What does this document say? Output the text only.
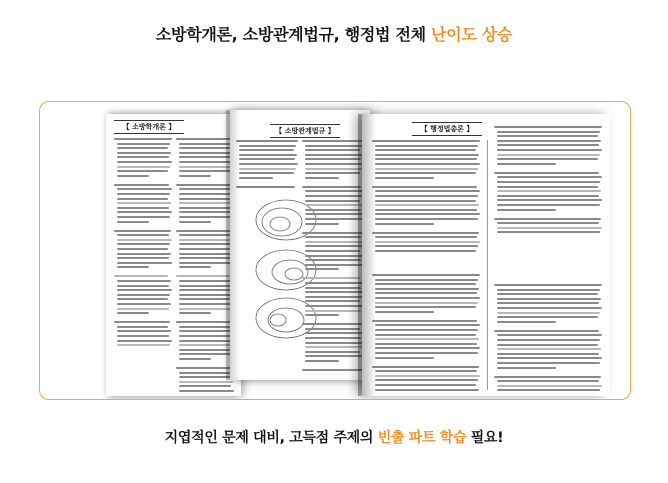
소방학개론, 소방관계법규, 행정법 전체 난이도 상승
【 소방학개론 】	【 소방관계법규 】	【 행정법총론 】
지엽적인 문제 대비, 고득점 주제의 빈출 파트 학습 필요!
